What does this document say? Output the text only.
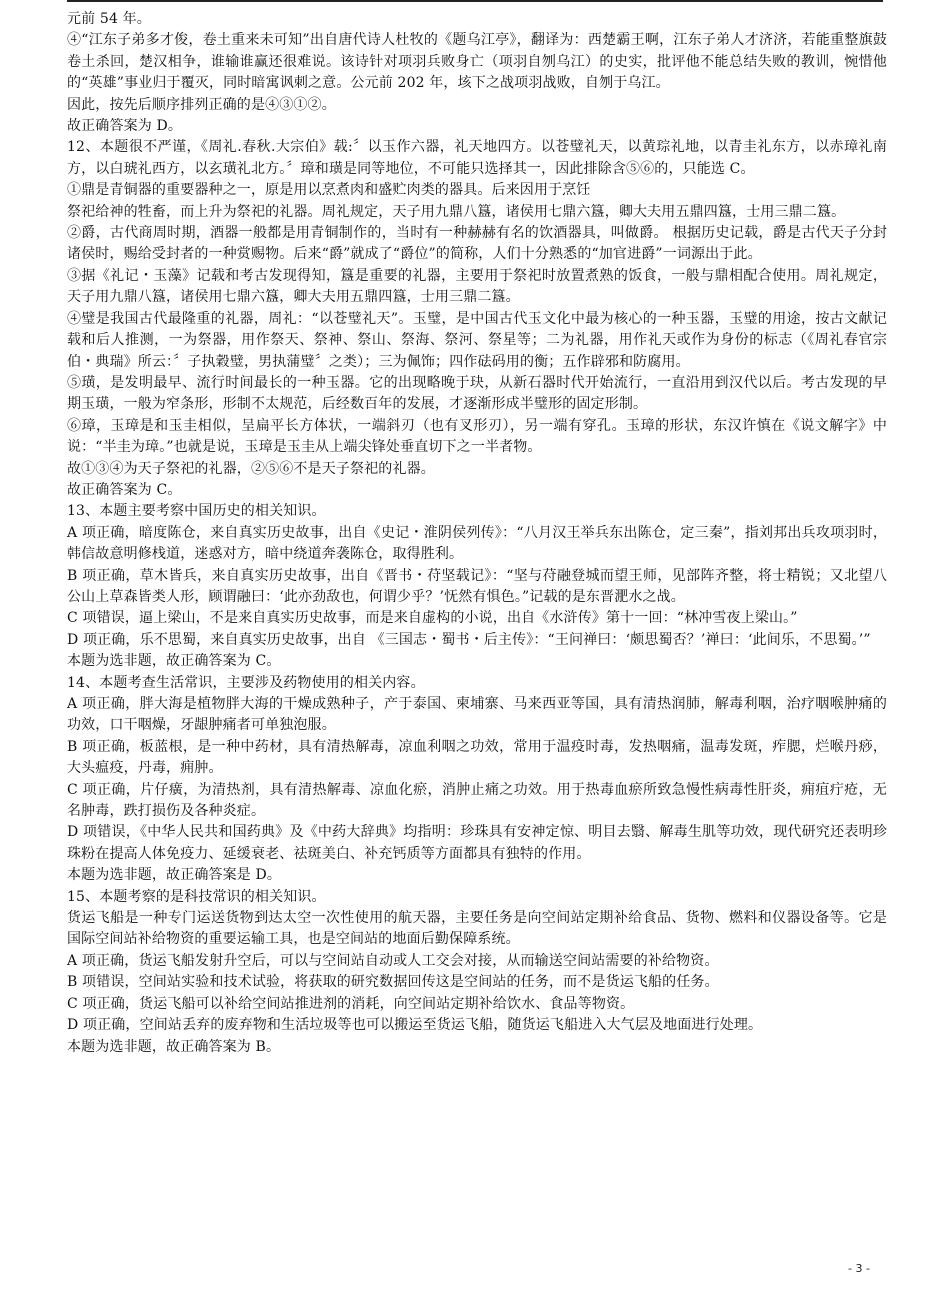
元前 54 年。

④“江东子弟多才俊，卷土重来未可知”出自唐代诗人杜牧的《题乌江亭》，翻译为：西楚霸王啊，江东子弟人才济济，若能重整旗鼓卷土杀回，楚汉相争，谁输谁赢还很难说。该诗针对项羽兵败身亡（项羽自刎乌江）的史实，批评他不能总结失败的教训，惋惜他的“英雄”事业归于覆灭，同时暗寓讽刺之意。公元前 202 年，垓下之战项羽战败，自刎于乌江。

因此，按先后顺序排列正确的是④③①②。

故正确答案为 D。

12、本题很不严谨，《周礼.春秋.大宗伯》载:〞以玉作六器，礼天地四方。以苍璧礼天，以黄琮礼地，以青圭礼东方，以赤璋礼南方，以白琥礼西方，以玄璜礼北方。〞璋和璜是同等地位，不可能只选择其一，因此排除含⑤⑥的，只能选 C。

①鼎是青铜器的重要器种之一，原是用以烹煮肉和盛贮肉类的器具。后来因用于烹饪

祭祀给神的牲畜，而上升为祭祀的礼器。周礼规定，天子用九鼎八簋，诸侯用七鼎六簋，卿大夫用五鼎四簋，士用三鼎二簋。

②爵，古代商周时期，酒器一般都是用青铜制作的，当时有一种赫赫有名的饮酒器具，叫做爵。 根据历史记载，爵是古代天子分封诸侯时，赐给受封者的一种赏赐物。后来“爵”就成了“爵位”的简称，人们十分熟悉的“加官进爵”一词源出于此。

③据《礼记・玉藻》记载和考古发现得知，簋是重要的礼器，主要用于祭祀时放置煮熟的饭食，一般与鼎相配合使用。周礼规定，天子用九鼎八簋，诸侯用七鼎六簋，卿大夫用五鼎四簋，士用三鼎二簋。

④璧是我国古代最隆重的礼器，周礼：“以苍璧礼天”。玉璧，是中国古代玉文化中最为核心的一种玉器，玉璧的用途，按古文献记载和后人推测，一为祭器，用作祭天、祭神、祭山、祭海、祭河、祭星等；二为礼器，用作礼天或作为身份的标志（《周礼春官宗伯・典瑞》所云：〞子执穀璧，男执蒲璧〞之类）；三为佩饰；四作砝码用的衡；五作辟邪和防腐用。

⑤璜，是发明最早、流行时间最长的一种玉器。它的出现略晚于玦，从新石器时代开始流行，一直沿用到汉代以后。考古发现的早期玉璜，一般为窄条形，形制不太规范，后经数百年的发展，才逐渐形成半璧形的固定形制。

⑥璋，玉璋是和玉圭相似，呈扁平长方体状，一端斜刃（也有叉形刃），另一端有穿孔。玉璋的形状，东汉许慎在《说文解字》中说：“半圭为璋。”也就是说，玉璋是玉圭从上端尖锋处垂直切下之一半者物。

故①③④为天子祭祀的礼器，②⑤⑥不是天子祭祀的礼器。

故正确答案为 C。

13、本题主要考察中国历史的相关知识。

A 项正确，暗度陈仓，来自真实历史故事，出自《史记・淮阴侯列传》：“八月汉王举兵东出陈仓，定三秦”，指刘邦出兵攻项羽时，韩信故意明修栈道，迷惑对方，暗中绕道奔袭陈仓，取得胜利。

B 项正确，草木皆兵，来自真实历史故事，出自《晋书・苻坚载记》：“坚与苻融登城而望王师，见部阵齐整，将士精锐；又北望八公山上草森皆类人形，顾谓融曰：‘此亦劲敌也，何谓少乎？’怃然有惧色。”记载的是东晋淝水之战。

C 项错误，逼上梁山，不是来自真实历史故事，而是来自虚构的小说，出自《水浒传》第十一回：“林冲雪夜上梁山。”

D 项正确，乐不思蜀，来自真实历史故事，出自 《三国志・蜀书・后主传》：“王问禅曰：‘颇思蜀否？’禅曰：‘此间乐，不思蜀。’”

本题为选非题，故正确答案为 C。

14、本题考查生活常识，主要涉及药物使用的相关内容。

A 项正确，胖大海是植物胖大海的干燥成熟种子，产于泰国、柬埔寨、马来西亚等国，具有清热润肺，解毒利咽，治疗咽喉肿痛的功效，口干咽燥，牙龈肿痛者可单独泡服。

B 项正确，板蓝根，是一种中药材，具有清热解毒，凉血利咽之功效，常用于温疫时毒，发热咽痛，温毒发斑，痄腮，烂喉丹痧，大头瘟疫，丹毒，痈肿。

C 项正确，片仔癀，为清热剂，具有清热解毒、凉血化瘀，消肿止痛之功效。用于热毒血瘀所致急慢性病毒性肝炎，痈疽疔疮，无名肿毒，跌打损伤及各种炎症。

D 项错误，《中华人民共和国药典》及《中药大辞典》均指明：珍珠具有安神定惊、明目去翳、解毒生肌等功效，现代研究还表明珍珠粉在提高人体免疫力、延缓衰老、祛斑美白、补充钙质等方面都具有独特的作用。

本题为选非题，故正确答案是 D。

15、本题考察的是科技常识的相关知识。

货运飞船是一种专门运送货物到达太空一次性使用的航天器，主要任务是向空间站定期补给食品、货物、燃料和仪器设备等。它是国际空间站补给物资的重要运输工具，也是空间站的地面后勤保障系统。

A 项正确，货运飞船发射升空后，可以与空间站自动或人工交会对接，从而输送空间站需要的补给物资。

B 项错误，空间站实验和技术试验，将获取的研究数据回传这是空间站的任务，而不是货运飞船的任务。

C 项正确，货运飞船可以补给空间站推进剂的消耗，向空间站定期补给饮水、食品等物资。

D 项正确，空间站丢弃的废弃物和生活垃圾等也可以搬运至货运飞船，随货运飞船进入大气层及地面进行处理。

本题为选非题，故正确答案为 B。

- 3 -
